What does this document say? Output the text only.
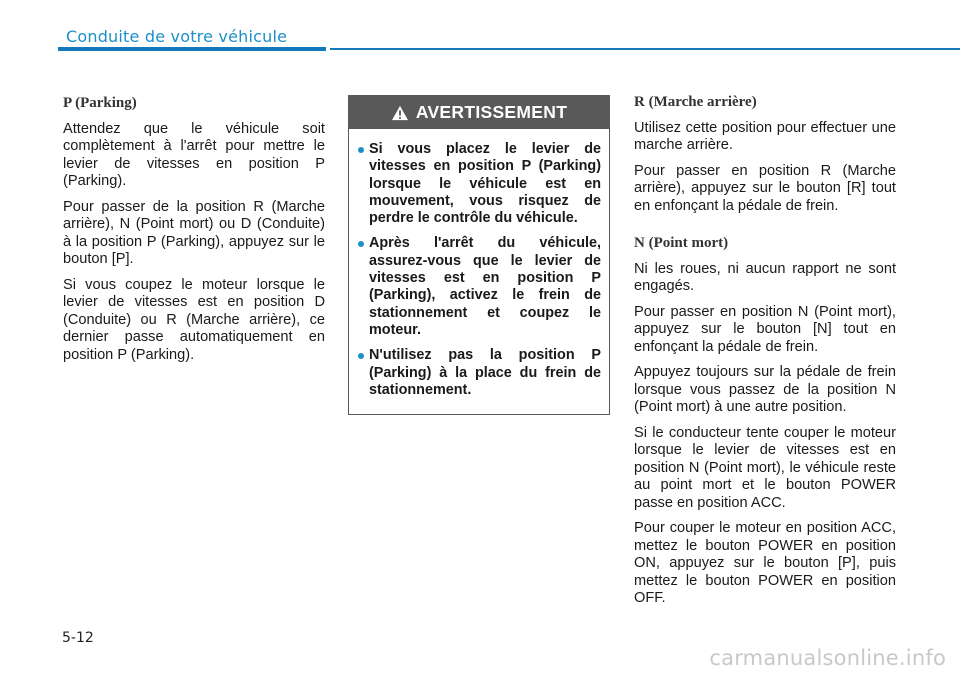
Conduite de votre véhicule
P (Parking)

Attendez que le véhicule soit complètement à l'arrêt pour mettre le levier de vitesses en position P (Parking).

Pour passer de la position R (Marche arrière), N (Point mort) ou D (Conduite) à la position P (Parking), appuyez sur le bouton [P].

Si vous coupez le moteur lorsque le levier de vitesses est en position D (Conduite) ou R (Marche arrière), ce dernier passe automatiquement en position P (Parking).

AVERTISSEMENT
Si vous placez le levier de vitesses en position P (Parking) lorsque le véhicule est en mouvement, vous risquez de perdre le contrôle du véhicule.
Après l'arrêt du véhicule, assurez-vous que le levier de vitesses est en position P (Parking), activez le frein de stationnement et coupez le moteur.
N'utilisez pas la position P (Parking) à la place du frein de stationnement.
R (Marche arrière)

Utilisez cette position pour effectuer une marche arrière.

Pour passer en position R (Marche arrière), appuyez sur le bouton [R] tout en enfonçant la pédale de frein.

N (Point mort)

Ni les roues, ni aucun rapport ne sont engagés.

Pour passer en position N (Point mort), appuyez sur le bouton [N] tout en enfonçant la pédale de frein.

Appuyez toujours sur la pédale de frein lorsque vous passez de la position N (Point mort) à une autre position.

Si le conducteur tente couper le moteur lorsque le levier de vitesses est en position N (Point mort), le véhicule reste au point mort et le bouton POWER passe en position ACC.

Pour couper le moteur en position ACC, mettez le bouton POWER en position ON, appuyez sur le bouton [P], puis mettez le bouton POWER en position OFF.

5-12
carmanualsonline.info
